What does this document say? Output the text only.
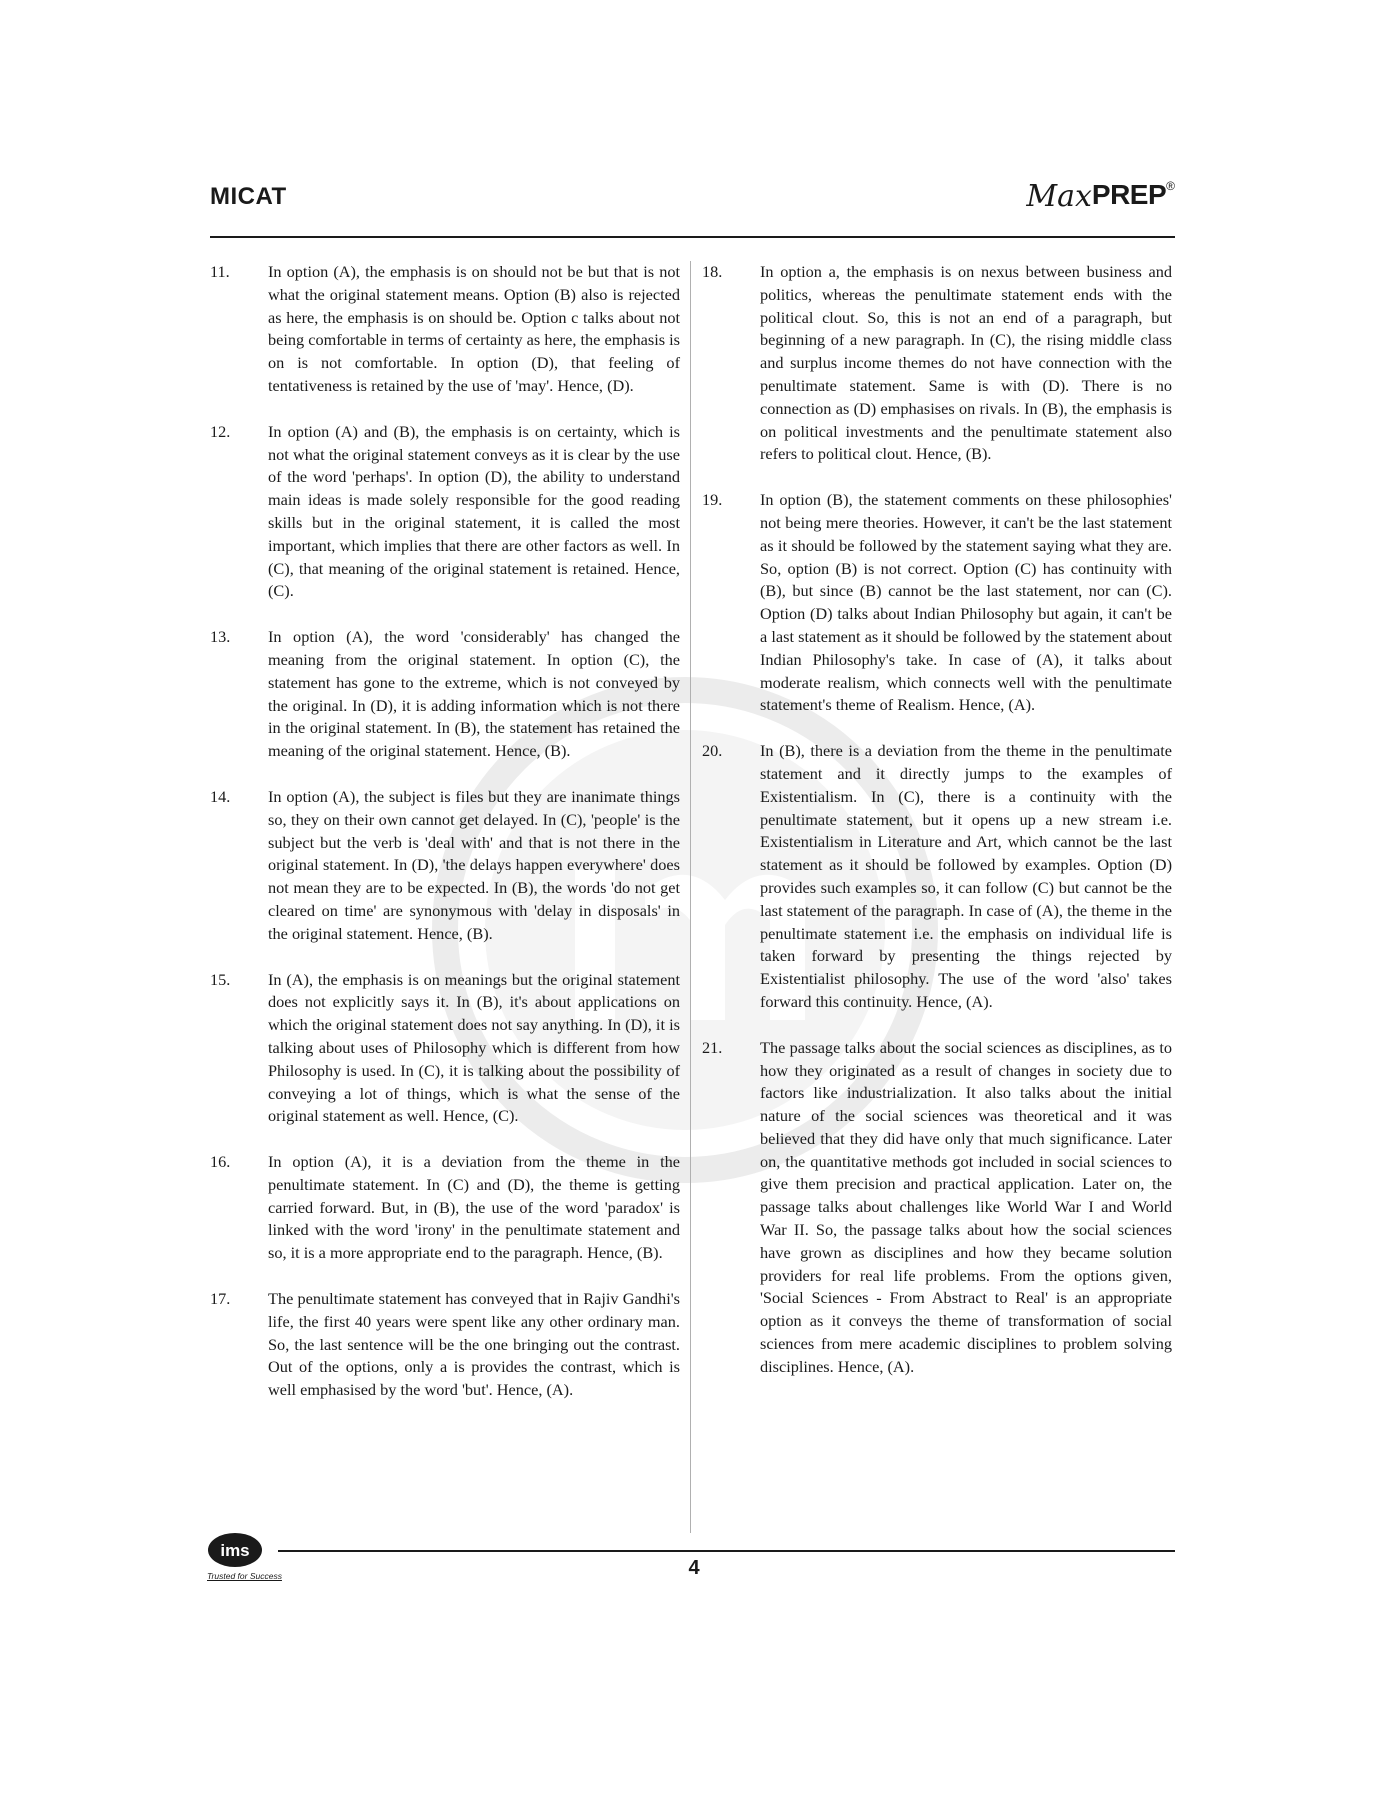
MICAT	Max PREP ®
11.	In option (A), the emphasis is on should not be but that is not what the original statement means. Option (B) also is rejected as here, the emphasis is on should be. Option c talks about not being comfortable in terms of certainty as here, the emphasis is on is not comfortable. In option (D), that feeling of tentativeness is retained by the use of 'may'. Hence, (D).
12.	In option (A) and (B), the emphasis is on certainty, which is not what the original statement conveys as it is clear by the use of the word 'perhaps'. In option (D), the ability to understand main ideas is made solely responsible for the good reading skills but in the original statement, it is called the most important, which implies that there are other factors as well. In (C), that meaning of the original statement is retained. Hence, (C).
13.	In option (A), the word 'considerably' has changed the meaning from the original statement. In option (C), the statement has gone to the extreme, which is not conveyed by the original. In (D), it is adding information which is not there in the original statement. In (B), the statement has retained the meaning of the original statement. Hence, (B).
14.	In option (A), the subject is files but they are inanimate things so, they on their own cannot get delayed. In (C), 'people' is the subject but the verb is 'deal with' and that is not there in the original statement. In (D), 'the delays happen everywhere' does not mean they are to be expected. In (B), the words 'do not get cleared on time' are synonymous with 'delay in disposals' in the original statement. Hence, (B).
15.	In (A), the emphasis is on meanings but the original statement does not explicitly says it. In (B), it's about applications on which the original statement does not say anything. In (D), it is talking about uses of Philosophy which is different from how Philosophy is used. In (C), it is talking about the possibility of conveying a lot of things, which is what the sense of the original statement as well. Hence, (C).
16.	In option (A), it is a deviation from the theme in the penultimate statement. In (C) and (D), the theme is getting carried forward. But, in (B), the use of the word 'paradox' is linked with the word 'irony' in the penultimate statement and so, it is a more appropriate end to the paragraph. Hence, (B).
17.	The penultimate statement has conveyed that in Rajiv Gandhi's life, the first 40 years were spent like any other ordinary man. So, the last sentence will be the one bringing out the contrast. Out of the options, only a is provides the contrast, which is well emphasised by the word 'but'. Hence, (A).
18.	In option a, the emphasis is on nexus between business and politics, whereas the penultimate statement ends with the political clout. So, this is not an end of a paragraph, but beginning of a new paragraph. In (C), the rising middle class and surplus income themes do not have connection with the penultimate statement. Same is with (D). There is no connection as (D) emphasises on rivals. In (B), the emphasis is on political investments and the penultimate statement also refers to political clout. Hence, (B).
19.	In option (B), the statement comments on these philosophies' not being mere theories. However, it can't be the last statement as it should be followed by the statement saying what they are. So, option (B) is not correct. Option (C) has continuity with (B), but since (B) cannot be the last statement, nor can (C). Option (D) talks about Indian Philosophy but again, it can't be a last statement as it should be followed by the statement about Indian Philosophy's take. In case of (A), it talks about moderate realism, which connects well with the penultimate statement's theme of Realism. Hence, (A).
20.	In (B), there is a deviation from the theme in the penultimate statement and it directly jumps to the examples of Existentialism. In (C), there is a continuity with the penultimate statement, but it opens up a new stream i.e. Existentialism in Literature and Art, which cannot be the last statement as it should be followed by examples. Option (D) provides such examples so, it can follow (C) but cannot be the last statement of the paragraph. In case of (A), the theme in the penultimate statement i.e. the emphasis on individual life is taken forward by presenting the things rejected by Existentialist philosophy. The use of the word 'also' takes forward this continuity. Hence, (A).
21.	The passage talks about the social sciences as disciplines, as to how they originated as a result of changes in society due to factors like industrialization. It also talks about the initial nature of the social sciences was theoretical and it was believed that they did have only that much significance. Later on, the quantitative methods got included in social sciences to give them precision and practical application. Later on, the passage talks about challenges like World War I and World War II. So, the passage talks about how the social sciences have grown as disciplines and how they became solution providers for real life problems. From the options given, 'Social Sciences - From Abstract to Real' is an appropriate option as it conveys the theme of transformation of social sciences from mere academic disciplines to problem solving disciplines. Hence, (A).
ims
Trusted for Success	4
